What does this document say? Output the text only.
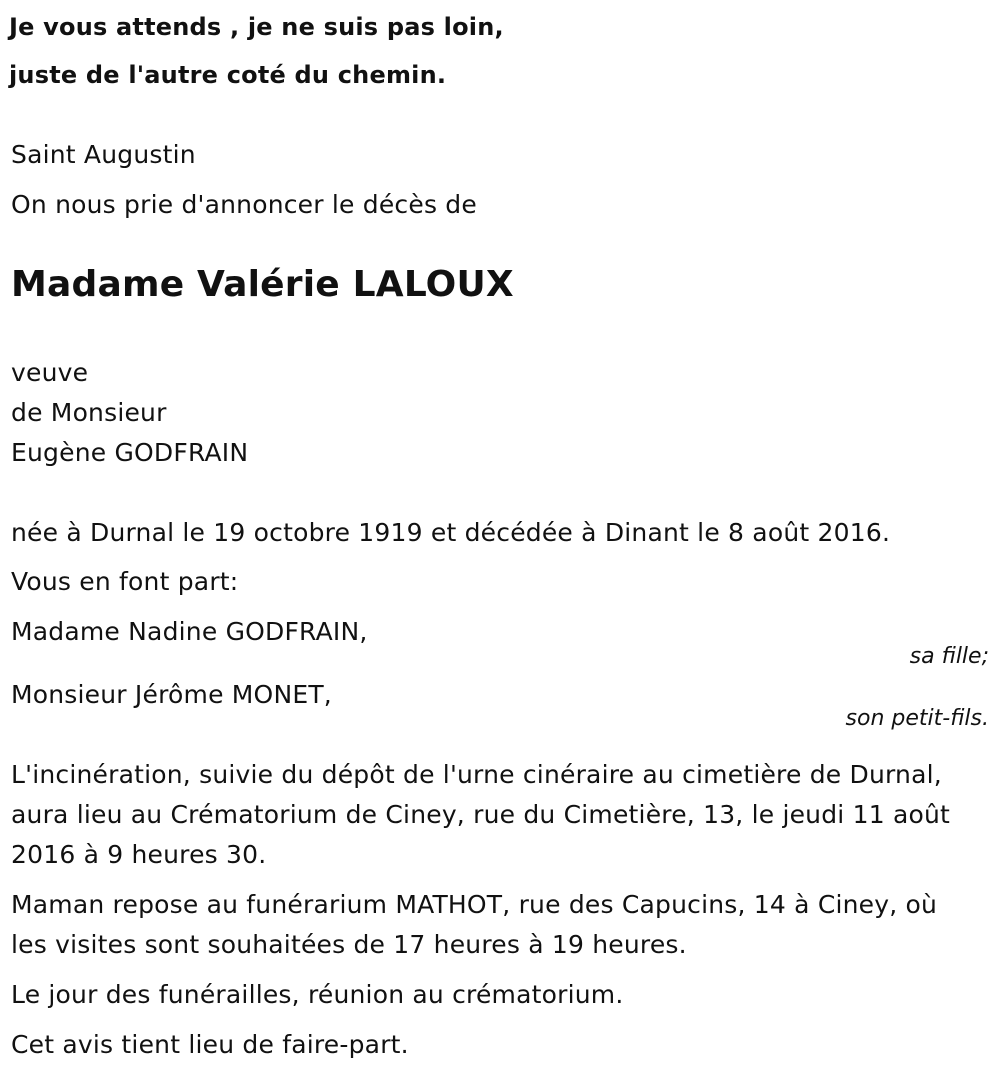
Je vous attends , je ne suis pas loin,
juste de l'autre coté du chemin.
Saint Augustin
On nous prie d'annoncer le décès de
Madame Valérie LALOUX
veuve
de Monsieur
Eugène GODFRAIN
née à Durnal le 19 octobre 1919 et décédée à Dinant le 8 août 2016.
Vous en font part:
Madame Nadine GODFRAIN,
sa fille;
Monsieur Jérôme MONET,
son petit-fils.
L'incinération, suivie du dépôt de l'urne cinéraire au cimetière de Durnal,
aura lieu au Crématorium de Ciney, rue du Cimetière, 13, le jeudi 11 août
2016 à 9 heures 30.
Maman repose au funérarium MATHOT, rue des Capucins, 14 à Ciney, où
les visites sont souhaitées de 17 heures à 19 heures.
Le jour des funérailles, réunion au crématorium.
Cet avis tient lieu de faire-part.
